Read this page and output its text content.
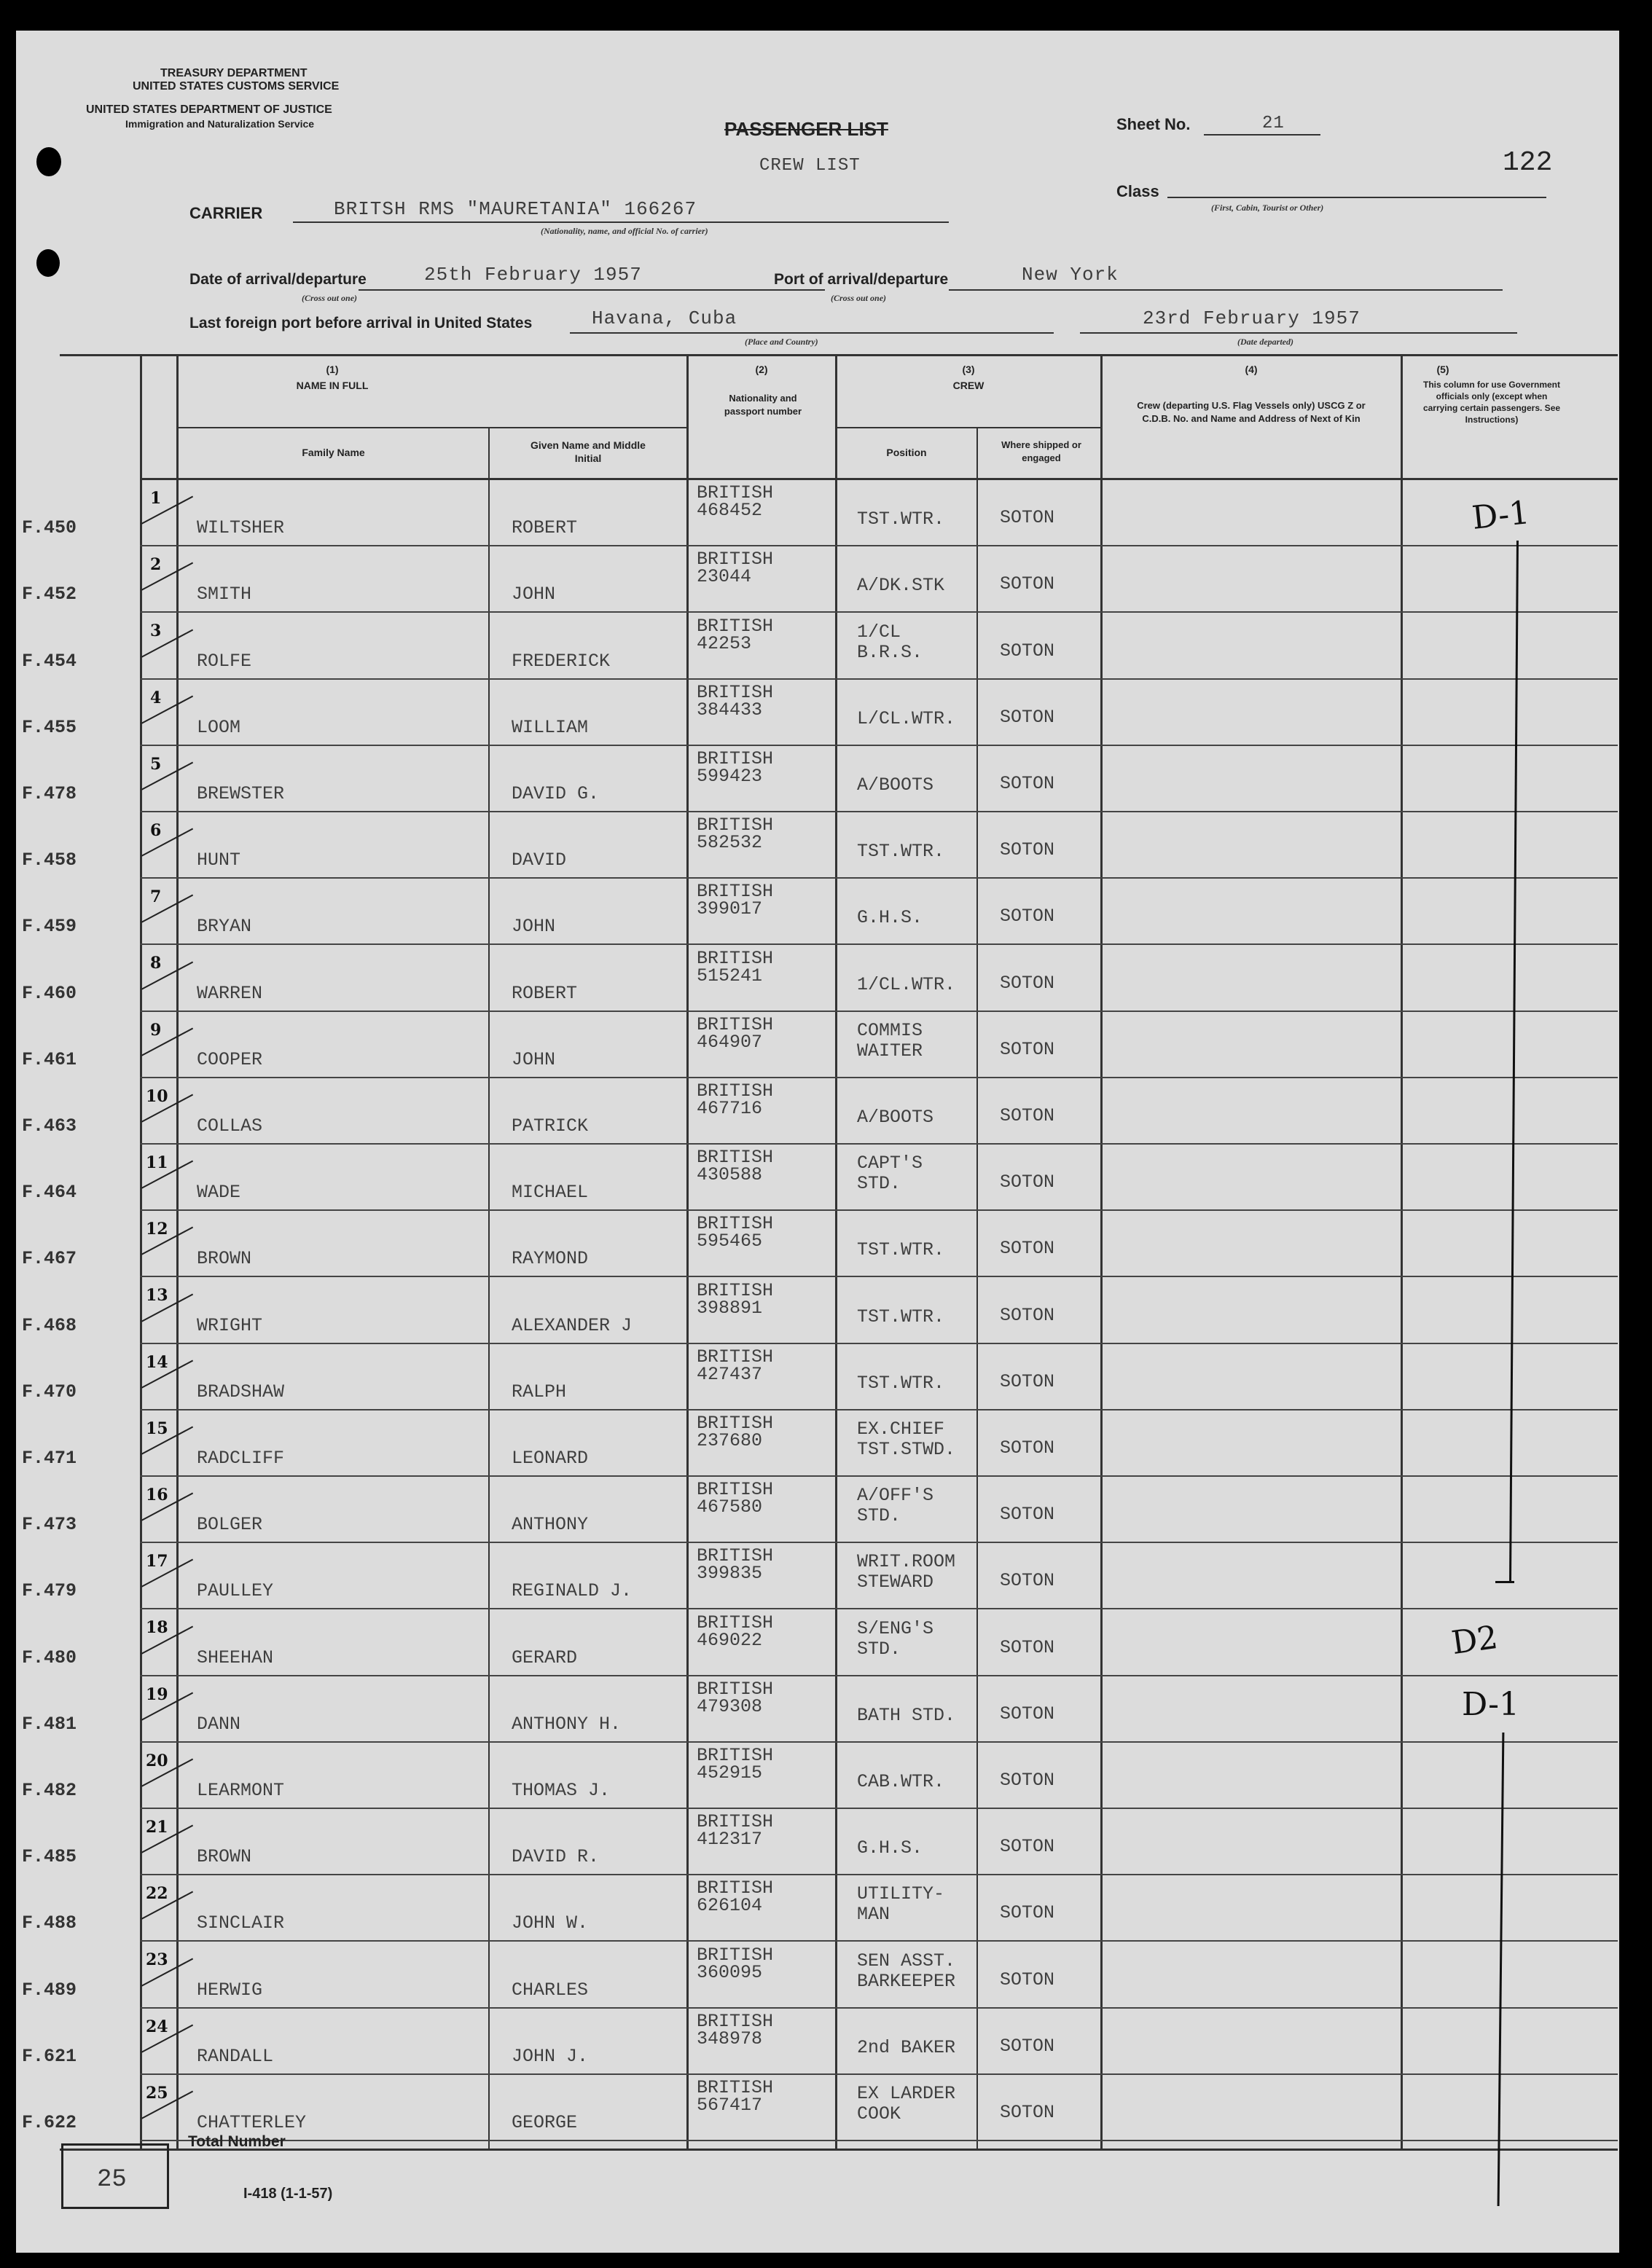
TREASURY DEPARTMENT
UNITED STATES CUSTOMS SERVICE
UNITED STATES DEPARTMENT OF JUSTICE
Immigration and Naturalization Service	PASSENGER LIST
CREW LIST
Sheet No.	21
122
Class
(First, Cabin, Tourist or Other)
CARRIER	BRITSH RMS "MAURETANIA" 166267
(Nationality, name, and official No. of carrier)
Date of arrival/departure	25th February 1957
(Cross out one)
Port of arrival/departure	New York
(Cross out one)
Last foreign port before arrival in United States	Havana, Cuba
(Place and Country)
23rd February 1957
(Date departed)
(1)
NAME IN FULL
Family Name
Given Name and Middle Initial
(2)
Nationality and passport number
(3)
CREW
Position
Where shipped or engaged
(4)
Crew (departing U.S. Flag Vessels only) USCG Z or C.D.B. No. and Name and Address of Next of Kin
(5)
This column for use Government officials only (except when carrying certain passengers. See Instructions)
F.450
1
WILTSHER	ROBERT
BRITISH
468452	TST.WTR.	SOTON
F.452
2
SMITH	JOHN
BRITISH
23044	A/DK.STK	SOTON
F.454
3
ROLFE	FREDERICK
BRITISH
42253
1/CL
B.R.S.	SOTON
F.455
4
LOOM	WILLIAM
BRITISH
384433	L/CL.WTR. SOTON
F.478
5
BREWSTER	DAVID G.
BRITISH
599423	A/BOOTS	SOTON
F.458
6
HUNT	DAVID
BRITISH
582532	TST.WTR.	SOTON
F.459
7
BRYAN	JOHN
BRITISH
399017	G.H.S.	SOTON
F.460
8
WARREN	ROBERT
BRITISH
515241	1/CL.WTR. SOTON
F.461
9
COOPER	JOHN
BRITISH
464907
COMMIS
WAITER	SOTON
F.463
10
COLLAS	PATRICK
BRITISH
467716	A/BOOTS	SOTON
F.464
11
WADE	MICHAEL
BRITISH
430588
CAPT'S
STD.	SOTON
F.467
12
BROWN	RAYMOND
BRITISH
595465	TST.WTR.	SOTON
F.468
13
WRIGHT	ALEXANDER J
BRITISH
398891	TST.WTR.	SOTON
F.470
14
BRADSHAW	RALPH
BRITISH
427437	TST.WTR.	SOTON
F.471
15
RADCLIFF	LEONARD
BRITISH
237680
EX.CHIEF
TST.STWD. SOTON
F.473
16
BOLGER	ANTHONY
BRITISH
467580
A/OFF'S
STD.	SOTON
F.479
17
PAULLEY	REGINALD J.
BRITISH
399835
WRIT.ROOM
STEWARD	SOTON
F.480
18
SHEEHAN	GERARD
BRITISH
469022
S/ENG'S
STD.	SOTON
F.481
19
DANN	ANTHONY H.
BRITISH
479308	BATH STD. SOTON
F.482
20
LEARMONT	THOMAS J.
BRITISH
452915	CAB.WTR.	SOTON
F.485
21
BROWN	DAVID R.
BRITISH
412317	G.H.S.	SOTON
F.488
22
SINCLAIR	JOHN W.
BRITISH
626104
UTILITY-
MAN	SOTON
F.489
23
HERWIG	CHARLES
BRITISH
360095
SEN ASST.
BARKEEPER SOTON
F.621
24
RANDALL	JOHN J.
BRITISH
348978	2nd BAKER SOTON
F.622
25
CHATTERLEY	GEORGE
BRITISH
567417
EX LARDER
COOK	SOTON
D-1
D2
D-1
25
Total Number
I-418 (1-1-57)
